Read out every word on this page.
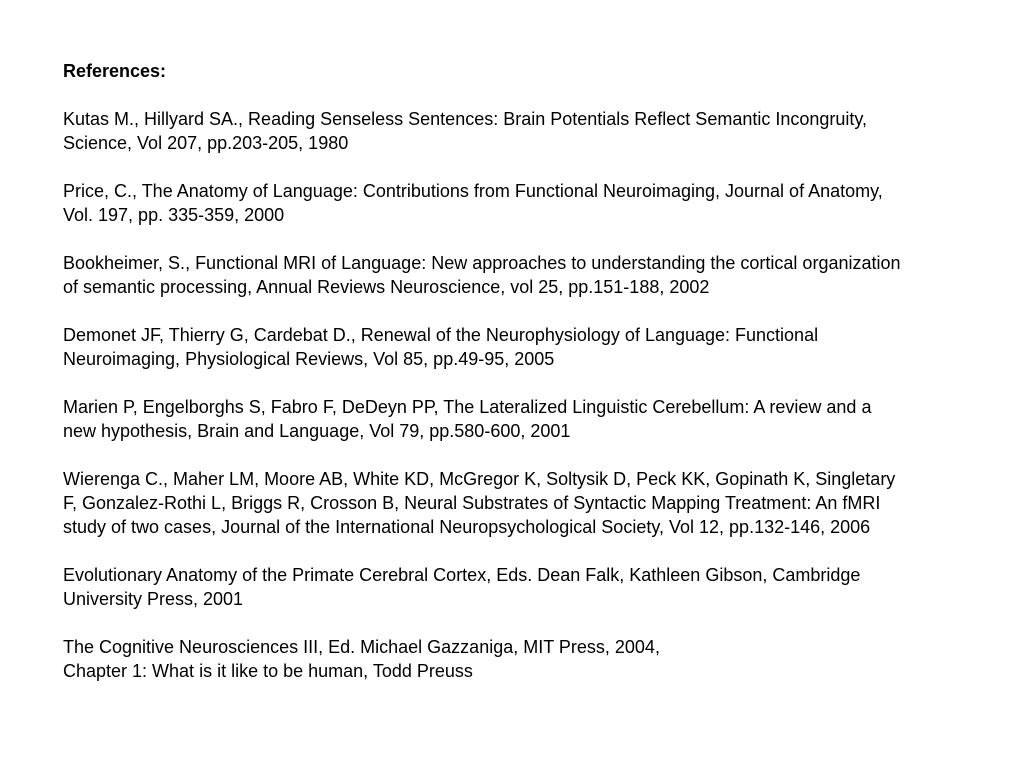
References:
Kutas M., Hillyard SA., Reading Senseless Sentences: Brain Potentials Reflect Semantic Incongruity,
Science, Vol 207, pp.203-205, 1980
Price, C., The Anatomy of Language: Contributions from Functional Neuroimaging, Journal of Anatomy,
Vol. 197, pp. 335-359, 2000
Bookheimer, S., Functional MRI of Language: New approaches to understanding the cortical organization
of semantic processing, Annual Reviews Neuroscience, vol 25, pp.151-188, 2002
Demonet JF, Thierry G, Cardebat D., Renewal of the Neurophysiology of Language: Functional
Neuroimaging, Physiological Reviews, Vol 85, pp.49-95, 2005
Marien P, Engelborghs S, Fabro F, DeDeyn PP, The Lateralized Linguistic Cerebellum: A review and a
new hypothesis, Brain and Language, Vol 79, pp.580-600, 2001
Wierenga C., Maher LM, Moore AB, White KD, McGregor K, Soltysik D, Peck KK, Gopinath K, Singletary
F, Gonzalez-Rothi L, Briggs R, Crosson B, Neural Substrates of Syntactic Mapping Treatment: An fMRI
study of two cases, Journal of the International Neuropsychological Society, Vol 12, pp.132-146, 2006
Evolutionary Anatomy of the Primate Cerebral Cortex, Eds. Dean Falk, Kathleen Gibson, Cambridge
University Press, 2001
The Cognitive Neurosciences III, Ed. Michael Gazzaniga, MIT Press, 2004,
Chapter 1: What is it like to be human, Todd Preuss
